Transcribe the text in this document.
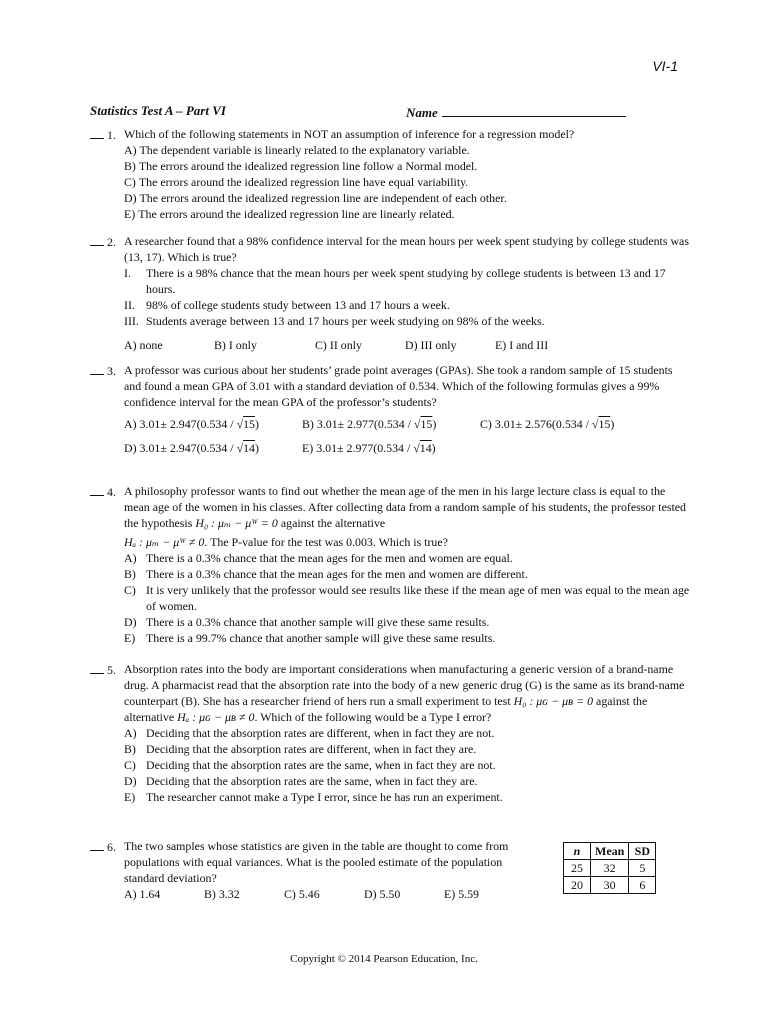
VI-1
Statistics Test A – Part VI	Name
1. Which of the following statements in NOT an assumption of inference for a regression model?
A) The dependent variable is linearly related to the explanatory variable.
B) The errors around the idealized regression line follow a Normal model.
C) The errors around the idealized regression line have equal variability.
D) The errors around the idealized regression line are independent of each other.
E) The errors around the idealized regression line are linearly related.
2. A researcher found that a 98% confidence interval for the mean hours per week spent studying by college students was (13, 17). Which is true?
I.	There is a 98% chance that the mean hours per week spent studying by college students is between 13 and 17 hours.
II. 98% of college students study between 13 and 17 hours a week.
III. Students average between 13 and 17 hours per week studying on 98% of the weeks.
A) none	B) I only	C) II only	D) III only	E) I and III
3. A professor was curious about her students’ grade point averages (GPAs). She took a random sample of 15 students and found a mean GPA of 3.01 with a standard deviation of 0.534. Which of the following formulas gives a 99% confidence interval for the mean GPA of the professor’s students?
A) 3.01± 2.947(0.534 / √15)	B) 3.01± 2.977(0.534 / √15)	C) 3.01± 2.576(0.534 / √15)
D) 3.01± 2.947(0.534 / √14)	E) 3.01± 2.977(0.534 / √14)
4. A philosophy professor wants to find out whether the mean age of the men in his large lecture class is equal to the mean age of the women in his classes. After collecting data from a random sample of his students, the professor tested the hypothesis H₀ : μₘ − μᵂ = 0 against the alternative
Hₐ : μₘ − μᵂ ≠ 0. The P-value for the test was 0.003. Which is true?
A) There is a 0.3% chance that the mean ages for the men and women are equal.
B) There is a 0.3% chance that the mean ages for the men and women are different.
C) It is very unlikely that the professor would see results like these if the mean age of men was equal to the mean age of women.
D) There is a 0.3% chance that another sample will give these same results.
E) There is a 99.7% chance that another sample will give these same results.
5. Absorption rates into the body are important considerations when manufacturing a generic version of a brand-name drug. A pharmacist read that the absorption rate into the body of a new generic drug (G) is the same as its brand-name counterpart (B). She has a researcher friend of hers run a small experiment to test H₀ : μɢ − μʙ = 0 against the alternative Hₐ : μɢ − μʙ ≠ 0. Which of the following would be a Type I error?
A) Deciding that the absorption rates are different, when in fact they are not.
B) Deciding that the absorption rates are different, when in fact they are.
C) Deciding that the absorption rates are the same, when in fact they are not.
D) Deciding that the absorption rates are the same, when in fact they are.
E) The researcher cannot make a Type I error, since he has run an experiment.
6. The two samples whose statistics are given in the table are thought to come from populations with equal variances. What is the pooled estimate of the population standard deviation?
A) 1.64	B) 3.32	C) 5.46	D) 5.50	E) 5.59
n	Mean	SD
25	32	5
20	30	6
Copyright © 2014 Pearson Education, Inc.
